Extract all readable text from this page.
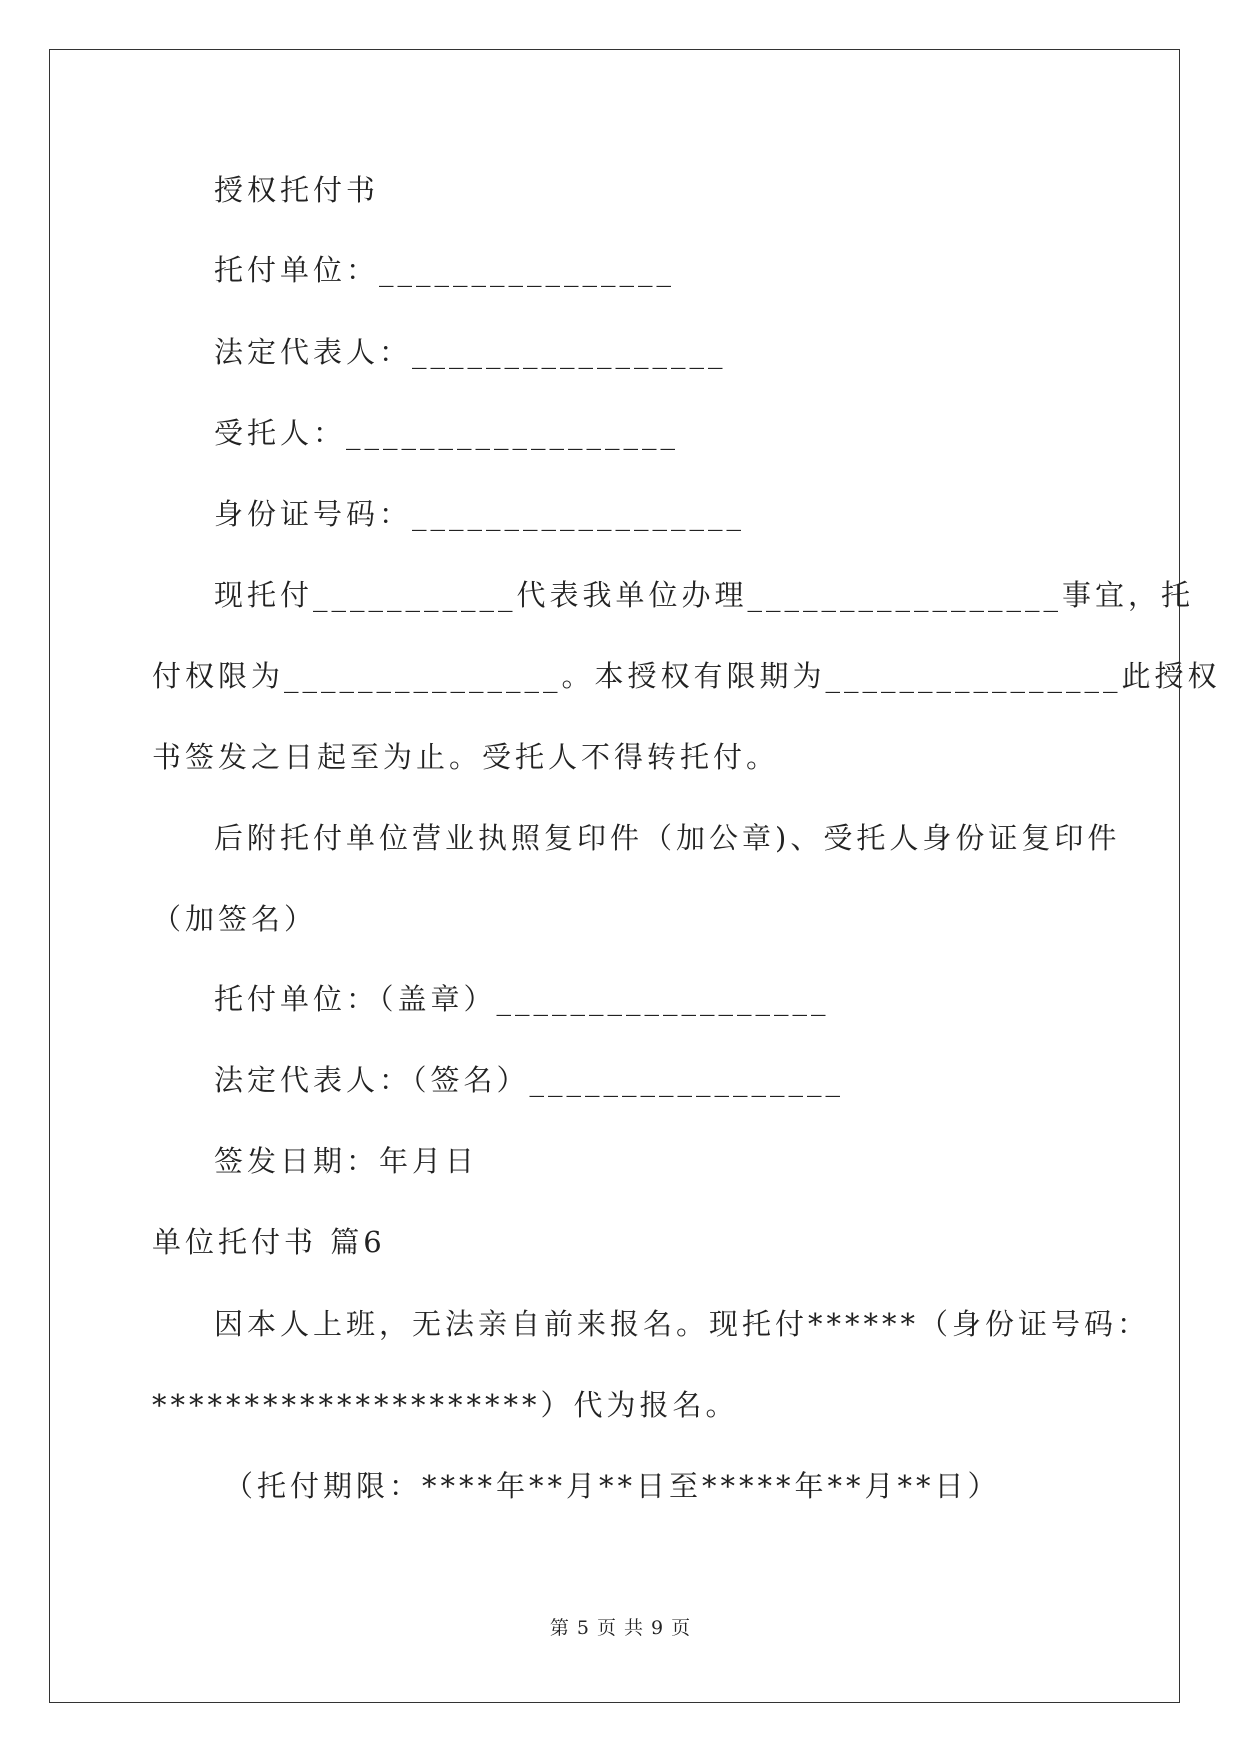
授权托付书
托付单位：________________
法定代表人：_________________
受托人：__________________
身份证号码：__________________
现托付___________代表我单位办理_________________事宜，托
付权限为_______________。本授权有限期为________________此授权
书签发之日起至为止。受托人不得转托付。
后附托付单位营业执照复印件（加公章)、受托人身份证复印件
（加签名）
托付单位：（盖章）__________________
法定代表人：（签名）_________________
签发日期：年月日
单位托付书 篇6
因本人上班，无法亲自前来报名。现托付******（身份证号码：
*********************）代为报名。
（托付期限：****年**月**日至*****年**月**日）
第 5 页 共 9 页
